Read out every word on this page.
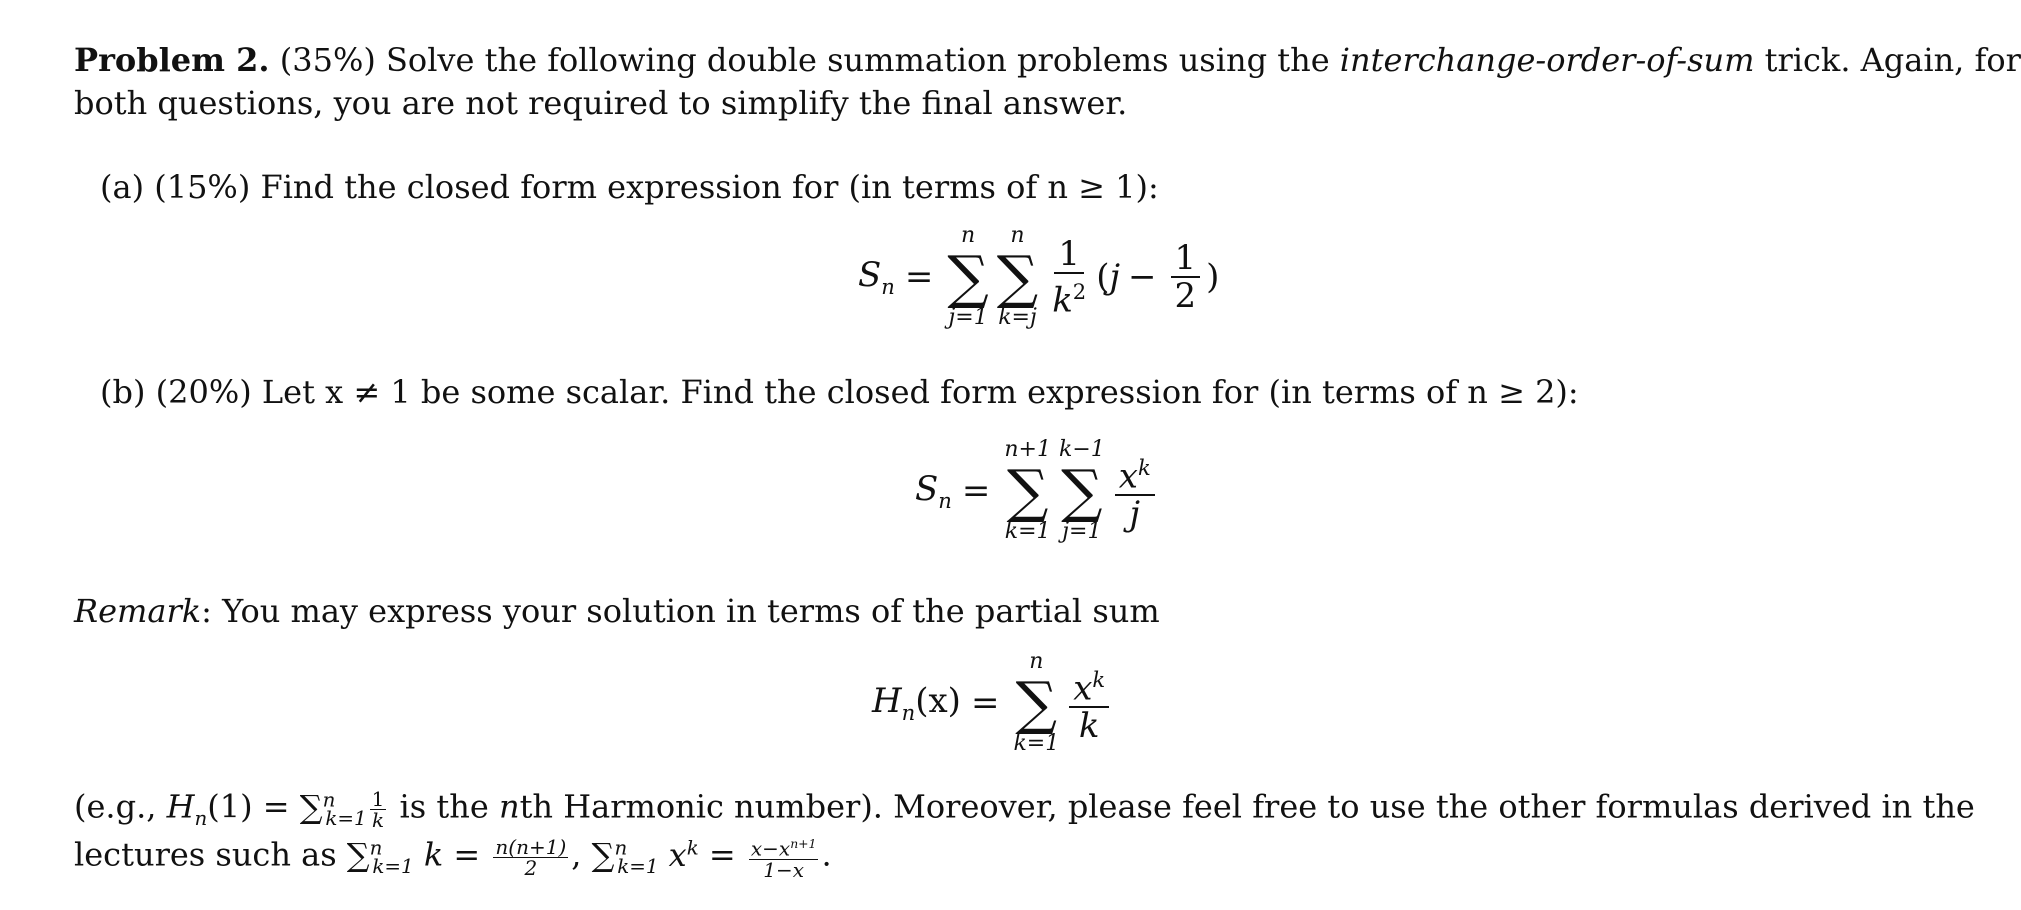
Problem 2. (35%) Solve the following double summation problems using the interchange-order-of-sum trick. Again, for
both questions, you are not required to simplify the final answer.
(a) (15%) Find the closed form expression for (in terms of n ≥ 1):
$S_n$ =
n
∑
j=1
n
∑
$k=j \frac{1}{k^2}$ ( $j - \frac{1}{2}$ )
(b) (20%) Let x ≠ 1 be some scalar. Find the closed form expression for (in terms of n ≥ 2):
$S_n$ =
n+1
∑
k=1
k−1
∑
$j=1 \frac{x^k}{j}$
Remark: You may express your solution in terms of the partial sum
$H_n(x)$ =
n
∑
$k=1 \frac{x^k}{k}$
(e.g., $H_n(1) = \sum^n_{k=1} \frac{1}{k}$ is the nth Harmonic number). Moreover, please feel free to use the other formulas derived in the
lectures such as ∑$^n_{k=1}$ $k = \frac{n(n+1)}{2}$ , ∑$^n_{k=1}$ $x^k = \frac{x-x^{n+1}}{1-x}$ .
